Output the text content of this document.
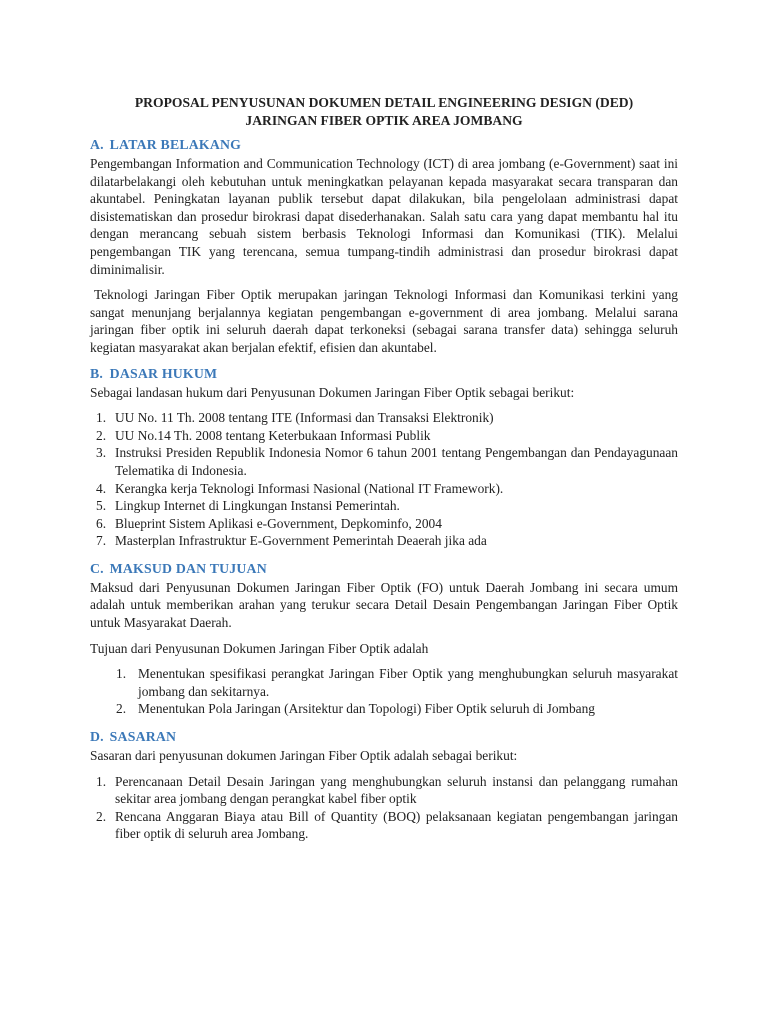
PROPOSAL PENYUSUNAN DOKUMEN DETAIL ENGINEERING DESIGN (DED)

JARINGAN FIBER OPTIK AREA JOMBANG

A. LATAR BELAKANG

Pengembangan Information and Communication Technology (ICT) di area jombang (e-Government) saat ini dilatarbelakangi oleh kebutuhan untuk meningkatkan pelayanan kepada masyarakat secara transparan dan akuntabel. Peningkatan layanan publik tersebut dapat dilakukan, bila pengelolaan administrasi dapat disistematiskan dan prosedur birokrasi dapat disederhanakan. Salah satu cara yang dapat membantu hal itu dengan merancang sebuah sistem berbasis Teknologi Informasi dan Komunikasi (TIK). Melalui pengembangan TIK yang terencana, semua tumpang-tindih administrasi dan prosedur birokrasi dapat diminimalisir.

Teknologi Jaringan Fiber Optik merupakan jaringan Teknologi Informasi dan Komunikasi terkini yang sangat menunjang berjalannya kegiatan pengembangan e-government di area jombang. Melalui sarana jaringan fiber optik ini seluruh daerah dapat terkoneksi (sebagai sarana transfer data) sehingga seluruh kegiatan masyarakat akan berjalan efektif, efisien dan akuntabel.

B. DASAR HUKUM

Sebagai landasan hukum dari Penyusunan Dokumen Jaringan Fiber Optik sebagai berikut:

1. UU No. 11 Th. 2008 tentang ITE (Informasi dan Transaksi Elektronik)
2. UU No.14 Th. 2008 tentang Keterbukaan Informasi Publik
3. Instruksi Presiden Republik Indonesia Nomor 6 tahun 2001 tentang Pengembangan dan Pendayagunaan Telematika di Indonesia.
4. Kerangka kerja Teknologi Informasi Nasional (National IT Framework).
5. Lingkup Internet di Lingkungan Instansi Pemerintah.
6. Blueprint Sistem Aplikasi e-Government, Depkominfo, 2004
7. Masterplan Infrastruktur E-Government Pemerintah Deaerah jika ada
C. MAKSUD DAN TUJUAN

Maksud dari Penyusunan Dokumen Jaringan Fiber Optik (FO) untuk Daerah Jombang ini secara umum adalah untuk memberikan arahan yang terukur secara Detail Desain Pengembangan Jaringan Fiber Optik untuk Masyarakat Daerah.

Tujuan dari Penyusunan Dokumen Jaringan Fiber Optik adalah

1. Menentukan spesifikasi perangkat Jaringan Fiber Optik yang menghubungkan seluruh masyarakat jombang dan sekitarnya.
2. Menentukan Pola Jaringan (Arsitektur dan Topologi) Fiber Optik seluruh di Jombang
D. SASARAN

Sasaran dari penyusunan dokumen Jaringan Fiber Optik adalah sebagai berikut:

1. Perencanaan Detail Desain Jaringan yang menghubungkan seluruh instansi dan pelanggang rumahan sekitar area jombang dengan perangkat kabel fiber optik
2. Rencana Anggaran Biaya atau Bill of Quantity (BOQ) pelaksanaan kegiatan pengembangan jaringan fiber optik di seluruh area Jombang.
